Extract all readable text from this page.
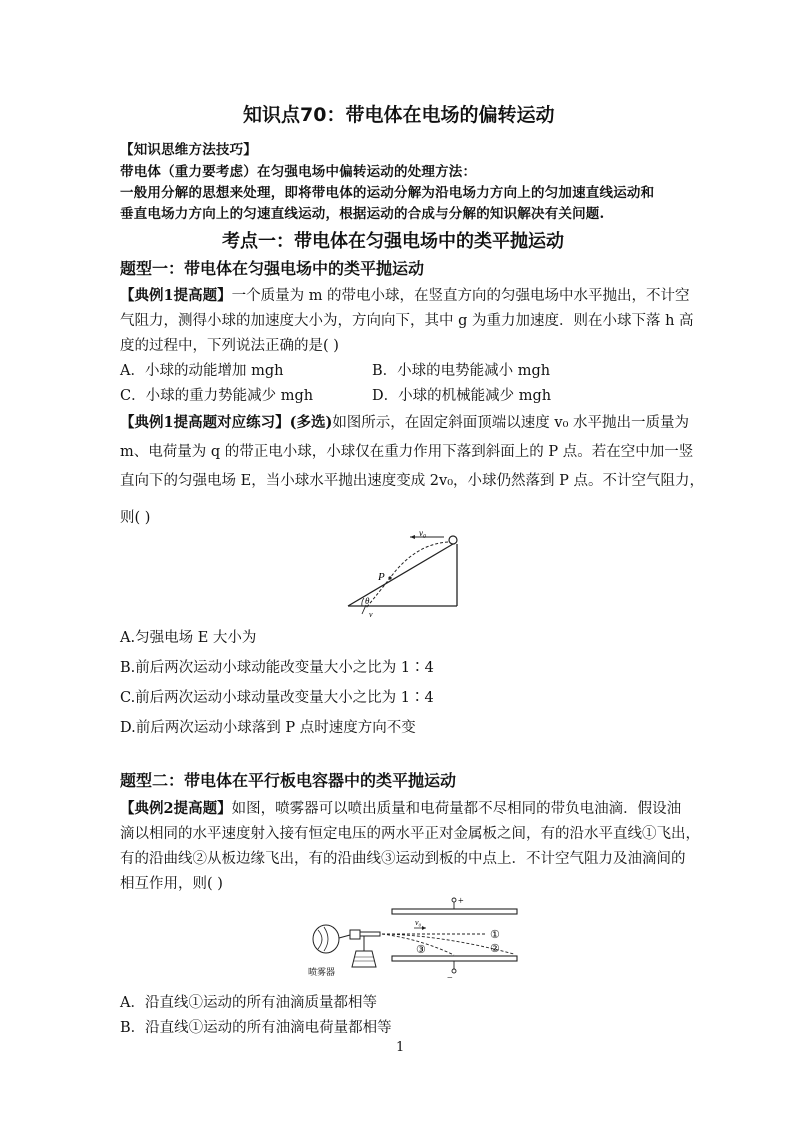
知识点70：带电体在电场的偏转运动
【知识思维方法技巧】
带电体（重力要考虑）在匀强电场中偏转运动的处理方法：
一般用分解的思想来处理，即将带电体的运动分解为沿电场力方向上的匀加速直线运动和
垂直电场力方向上的匀速直线运动，根据运动的合成与分解的知识解决有关问题.
考点一：带电体在匀强电场中的类平抛运动
题型一：带电体在匀强电场中的类平抛运动
【典例1提高题】一个质量为 m 的带电小球，在竖直方向的匀强电场中水平抛出，不计空
气阻力，测得小球的加速度大小为，方向向下，其中 g 为重力加速度．则在小球下落 h 高
度的过程中，下列说法正确的是( )
A．小球的动能增加 mgh	B．小球的电势能减小 mgh
C．小球的重力势能减少 mgh	D．小球的机械能减少 mgh
【典例1提高题对应练习】(多选)如图所示，在固定斜面顶端以速度 v₀ 水平抛出一质量为
m、电荷量为 q 的带正电小球，小球仅在重力作用下落到斜面上的 P 点。若在空中加一竖
直向下的匀强电场 E，当小球水平抛出速度变成 2v₀，小球仍然落到 P 点。不计空气阻力，
则( )
v₀
P
θ
v
A.匀强电场 E 大小为
B.前后两次运动小球动能改变量大小之比为 1∶4
C.前后两次运动小球动量改变量大小之比为 1∶4
D.前后两次运动小球落到 P 点时速度方向不变
题型二：带电体在平行板电容器中的类平抛运动
【典例2提高题】如图，喷雾器可以喷出质量和电荷量都不尽相同的带负电油滴．假设油
滴以相同的水平速度射入接有恒定电压的两水平正对金属板之间，有的沿水平直线①飞出，
有的沿曲线②从板边缘飞出，有的沿曲线③运动到板的中点上．不计空气阻力及油滴间的
相互作用，则( )
+
−
v₀
①
②
③
喷雾器
A．沿直线①运动的所有油滴质量都相等
B．沿直线①运动的所有油滴电荷量都相等
1
